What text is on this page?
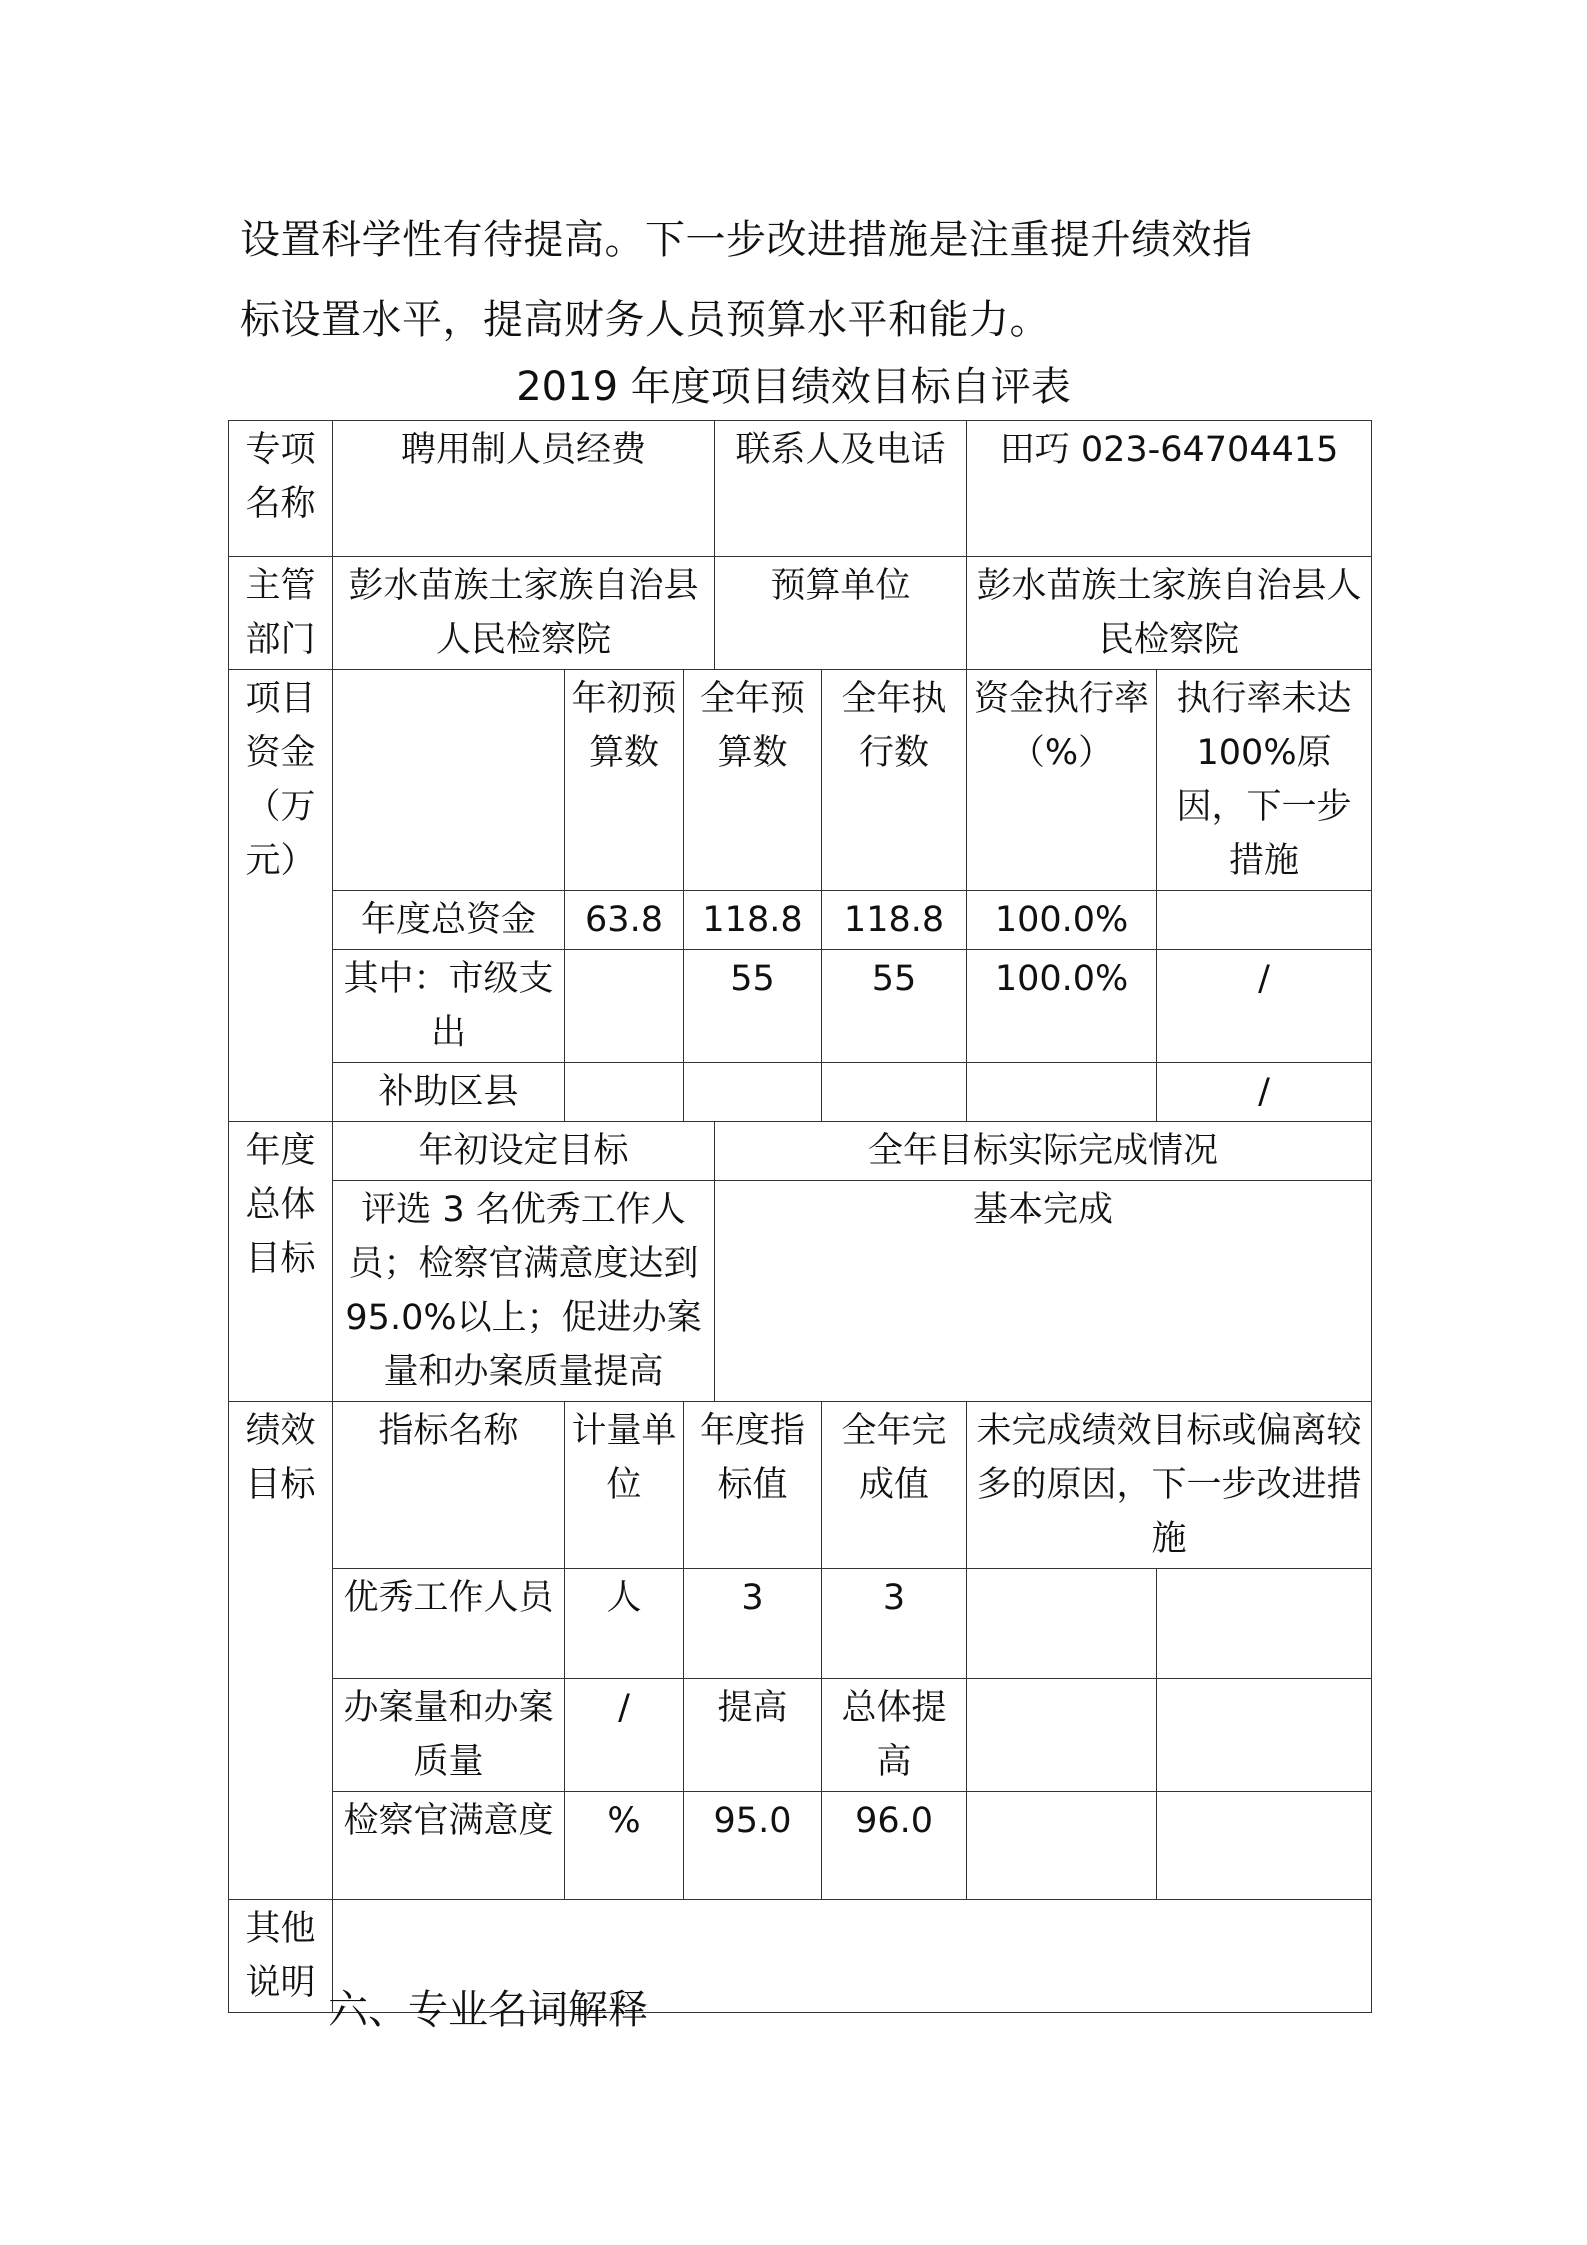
设置科学性有待提高。下一步改进措施是注重提升绩效指
标设置水平，提高财务人员预算水平和能力。
2019 年度项目绩效目标自评表
专项名称	聘用制人员经费			联系人及电话		田巧 023-64704415	
主管部门	彭水苗族土家族自治县人民检察院			预算单位		彭水苗族土家族自治县人民检察院	
项目资金（万元）		年初预算数	全年预算数		全年执行数	资金执行率（%）	执行率未达 100%原因，下一步措施
	年度总资金	63.8	118.8		118.8	100.0%	
	其中：市级支出		55		55	100.0%	/
	补助区县						/
年度总体目标	年初设定目标			全年目标实际完成情况			
	评选 3 名优秀工作人员；检察官满意度达到 95.0%以上；促进办案量和办案质量提高			基本完成			
绩效目标	指标名称	计量单位	年度指标值		全年完成值	未完成绩效目标或偏离较多的原因，下一步改进措施	
	优秀工作人员	人	3		3		
	办案量和办案质量	/	提高		总体提高		
	检察官满意度	%	95.0		96.0		
其他说明							
六、专业名词解释
